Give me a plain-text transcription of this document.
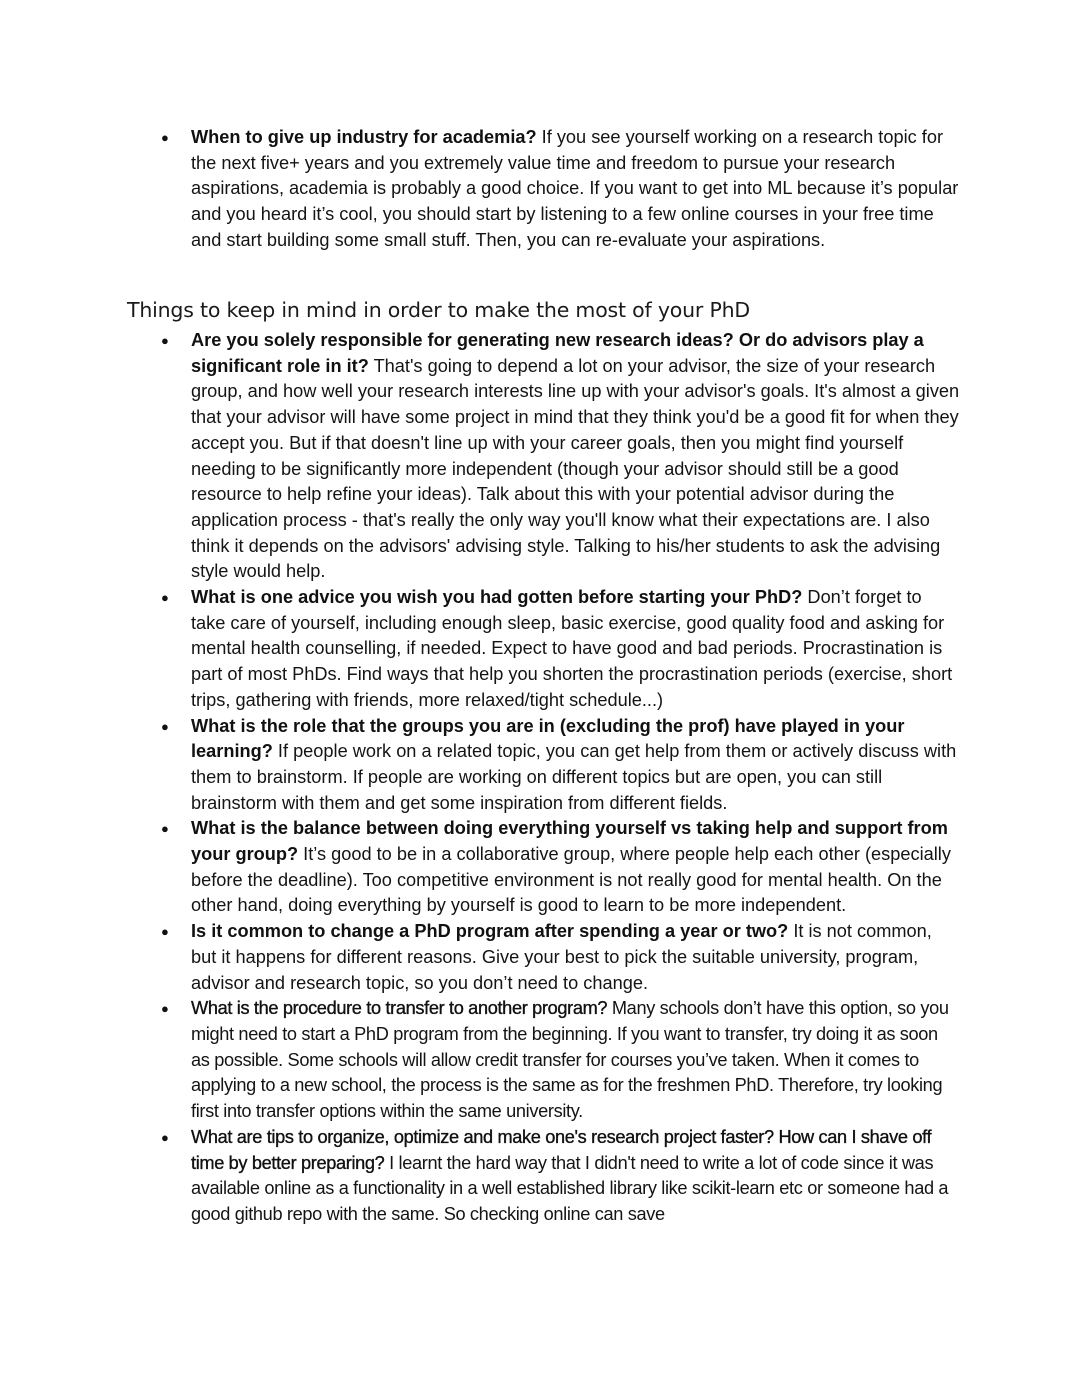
● When to give up industry for academia? If you see yourself working on a research topic for the next five+ years and you extremely value time and freedom to pursue your research aspirations, academia is probably a good choice. If you want to get into ML because it’s popular and you heard it’s cool, you should start by listening to a few online courses in your free time and start building some small stuff. Then, you can re-evaluate your aspirations.
Things to keep in mind in order to make the most of your PhD
● Are you solely responsible for generating new research ideas? Or do advisors play a significant role in it? That's going to depend a lot on your advisor, the size of your research group, and how well your research interests line up with your advisor's goals. It's almost a given that your advisor will have some project in mind that they think you'd be a good fit for when they accept you. But if that doesn't line up with your career goals, then you might find yourself needing to be significantly more independent (though your advisor should still be a good resource to help refine your ideas). Talk about this with your potential advisor during the application process - that's really the only way you'll know what their expectations are. I also think it depends on the advisors' advising style. Talking to his/her students to ask the advising style would help.
● What is one advice you wish you had gotten before starting your PhD? Don’t forget to take care of yourself, including enough sleep, basic exercise, good quality food and asking for mental health counselling, if needed. Expect to have good and bad periods. Procrastination is part of most PhDs. Find ways that help you shorten the procrastination periods (exercise, short trips, gathering with friends, more relaxed/tight schedule...)
● What is the role that the groups you are in (excluding the prof) have played in your learning? If people work on a related topic, you can get help from them or actively discuss with them to brainstorm. If people are working on different topics but are open, you can still brainstorm with them and get some inspiration from different fields.
● What is the balance between doing everything yourself vs taking help and support from your group? It’s good to be in a collaborative group, where people help each other (especially before the deadline). Too competitive environment is not really good for mental health. On the other hand, doing everything by yourself is good to learn to be more independent.
● Is it common to change a PhD program after spending a year or two? It is not common, but it happens for different reasons. Give your best to pick the suitable university, program, advisor and research topic, so you don’t need to change.
● What is the procedure to transfer to another program? Many schools don’t have this option, so you might need to start a PhD program from the beginning. If you want to transfer, try doing it as soon as possible. Some schools will allow credit transfer for courses you’ve taken. When it comes to applying to a new school, the process is the same as for the freshmen PhD. Therefore, try looking first into transfer options within the same university.
● What are tips to organize, optimize and make one's research project faster? How can I shave off time by better preparing? I learnt the hard way that I didn't need to write a lot of code since it was available online as a functionality in a well established library like scikit-learn etc or someone had a good github repo with the same. So checking online can save
